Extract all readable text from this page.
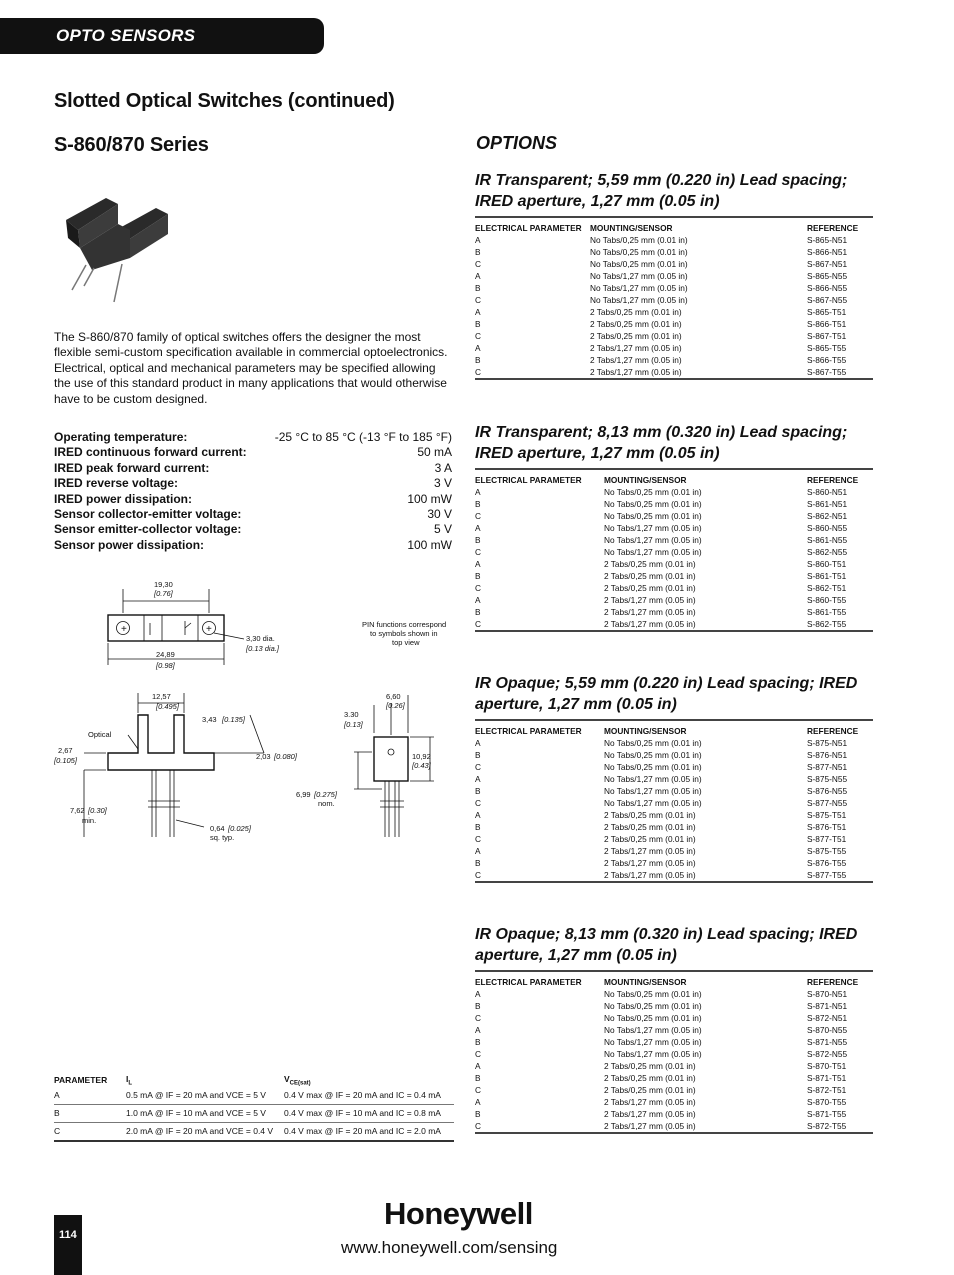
OPTO SENSORS
Slotted Optical Switches (continued)
S-860/870 Series
The S-860/870 family of optical switches offers the designer the most flexible semi-custom specification available in commercial optoelectronics. Electrical, optical and mechanical parameters may be specified allowing the use of this standard product in many applications that would otherwise have to be custom designed.
Operating temperature:	-25 °C to 85 °C (-13 °F to 185 °F)
IRED continuous forward current:	50 mA
IRED peak forward current:	3 A
IRED reverse voltage:	3 V
IRED power dissipation:	100 mW
Sensor collector-emitter voltage:	30 V
Sensor emitter-collector voltage:	5 V
Sensor power dissipation:	100 mW
19,30
[0.76]
+	+
24,89
[0.98]
3,30 dia.
[0.13 dia.]
PIN functions correspond
to symbols shown in
top view
12,57
[0.495]
3,43 [0.135]
Optical
2,67
[0.105]	2,03 [0.080]
7,62 [0.30]
min.
0,64 [0.025]
sq. typ.
3.30
[0.13]
6,60
[0.26]
10,92
[0.43]
6,99 [0.275]
nom.
PARAMETER	$I_L$	$V_{CE(sat)}$
A	0.5 mA @ IF = 20 mA and VCE = 5 V	0.4 V max @ IF = 20 mA and IC = 0.4 mA
B	1.0 mA @ IF = 10 mA and VCE = 5 V	0.4 V max @ IF = 10 mA and IC = 0.8 mA
C	2.0 mA @ IF = 20 mA and VCE = 0.4 V	0.4 V max @ IF = 20 mA and IC = 2.0 mA
OPTIONS
IR Transparent; 5,59 mm (0.220 in) Lead spacing; IRED aperture, 1,27 mm (0.05 in)
ELECTRICAL PARAMETER	MOUNTING/SENSOR	REFERENCE
A	No Tabs/0,25 mm (0.01 in)	S-865-N51
B	No Tabs/0,25 mm (0.01 in)	S-866-N51
C	No Tabs/0,25 mm (0.01 in)	S-867-N51
A	No Tabs/1,27 mm (0.05 in)	S-865-N55
B	No Tabs/1,27 mm (0.05 in)	S-866-N55
C	No Tabs/1,27 mm (0.05 in)	S-867-N55
A	2 Tabs/0,25 mm (0.01 in)	S-865-T51
B	2 Tabs/0,25 mm (0.01 in)	S-866-T51
C	2 Tabs/0,25 mm (0.01 in)	S-867-T51
A	2 Tabs/1,27 mm (0.05 in)	S-865-T55
B	2 Tabs/1,27 mm (0.05 in)	S-866-T55
C	2 Tabs/1,27 mm (0.05 in)	S-867-T55
IR Transparent; 8,13 mm (0.320 in) Lead spacing; IRED aperture, 1,27 mm (0.05 in)
ELECTRICAL PARAMETER	MOUNTING/SENSOR	REFERENCE
A	No Tabs/0,25 mm (0.01 in)	S-860-N51
B	No Tabs/0,25 mm (0.01 in)	S-861-N51
C	No Tabs/0,25 mm (0.01 in)	S-862-N51
A	No Tabs/1,27 mm (0.05 in)	S-860-N55
B	No Tabs/1,27 mm (0.05 in)	S-861-N55
C	No Tabs/1,27 mm (0.05 in)	S-862-N55
A	2 Tabs/0,25 mm (0.01 in)	S-860-T51
B	2 Tabs/0,25 mm (0.01 in)	S-861-T51
C	2 Tabs/0,25 mm (0.01 in)	S-862-T51
A	2 Tabs/1,27 mm (0.05 in)	S-860-T55
B	2 Tabs/1,27 mm (0.05 in)	S-861-T55
C	2 Tabs/1,27 mm (0.05 in)	S-862-T55
IR Opaque; 5,59 mm (0.220 in) Lead spacing; IRED aperture, 1,27 mm (0.05 in)
ELECTRICAL PARAMETER	MOUNTING/SENSOR	REFERENCE
A	No Tabs/0,25 mm (0.01 in)	S-875-N51
B	No Tabs/0,25 mm (0.01 in)	S-876-N51
C	No Tabs/0,25 mm (0.01 in)	S-877-N51
A	No Tabs/1,27 mm (0.05 in)	S-875-N55
B	No Tabs/1,27 mm (0.05 in)	S-876-N55
C	No Tabs/1,27 mm (0.05 in)	S-877-N55
A	2 Tabs/0,25 mm (0.01 in)	S-875-T51
B	2 Tabs/0,25 mm (0.01 in)	S-876-T51
C	2 Tabs/0,25 mm (0.01 in)	S-877-T51
A	2 Tabs/1,27 mm (0.05 in)	S-875-T55
B	2 Tabs/1,27 mm (0.05 in)	S-876-T55
C	2 Tabs/1,27 mm (0.05 in)	S-877-T55
IR Opaque; 8,13 mm (0.320 in) Lead spacing; IRED aperture, 1,27 mm (0.05 in)
ELECTRICAL PARAMETER	MOUNTING/SENSOR	REFERENCE
A	No Tabs/0,25 mm (0.01 in)	S-870-N51
B	No Tabs/0,25 mm (0.01 in)	S-871-N51
C	No Tabs/0,25 mm (0.01 in)	S-872-N51
A	No Tabs/1,27 mm (0.05 in)	S-870-N55
B	No Tabs/1,27 mm (0.05 in)	S-871-N55
C	No Tabs/1,27 mm (0.05 in)	S-872-N55
A	2 Tabs/0,25 mm (0.01 in)	S-870-T51
B	2 Tabs/0,25 mm (0.01 in)	S-871-T51
C	2 Tabs/0,25 mm (0.01 in)	S-872-T51
A	2 Tabs/1,27 mm (0.05 in)	S-870-T55
B	2 Tabs/1,27 mm (0.05 in)	S-871-T55
C	2 Tabs/1,27 mm (0.05 in)	S-872-T55
114
Honeywell
www.honeywell.com/sensing
